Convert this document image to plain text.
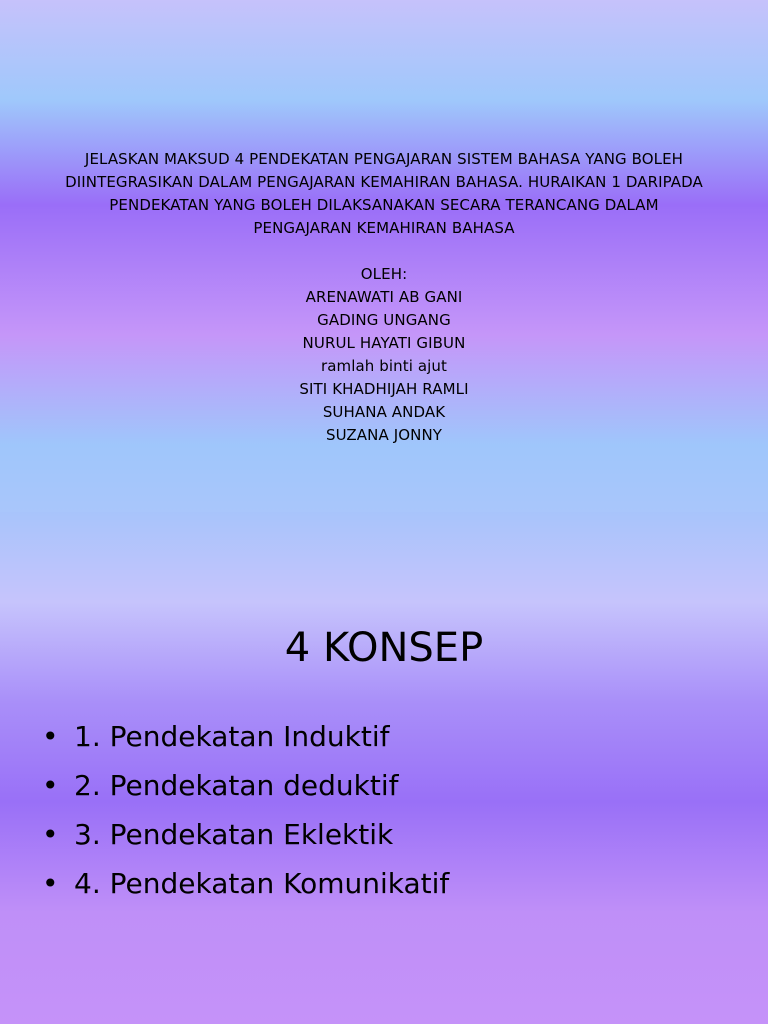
JELASKAN MAKSUD 4 PENDEKATAN PENGAJARAN SISTEM BAHASA YANG BOLEH
DIINTEGRASIKAN DALAM PENGAJARAN KEMAHIRAN BAHASA. HURAIKAN 1 DARIPADA
PENDEKATAN YANG BOLEH DILAKSANAKAN SECARA TERANCANG DALAM
PENGAJARAN KEMAHIRAN BAHASA
OLEH:
ARENAWATI AB GANI
GADING UNGANG
NURUL HAYATI GIBUN
ramlah binti ajut
SITI KHADHIJAH RAMLI
SUHANA ANDAK
SUZANA JONNY
4 KONSEP
• 1. Pendekatan Induktif
• 2. Pendekatan deduktif
• 3. Pendekatan Eklektik
• 4. Pendekatan Komunikatif
